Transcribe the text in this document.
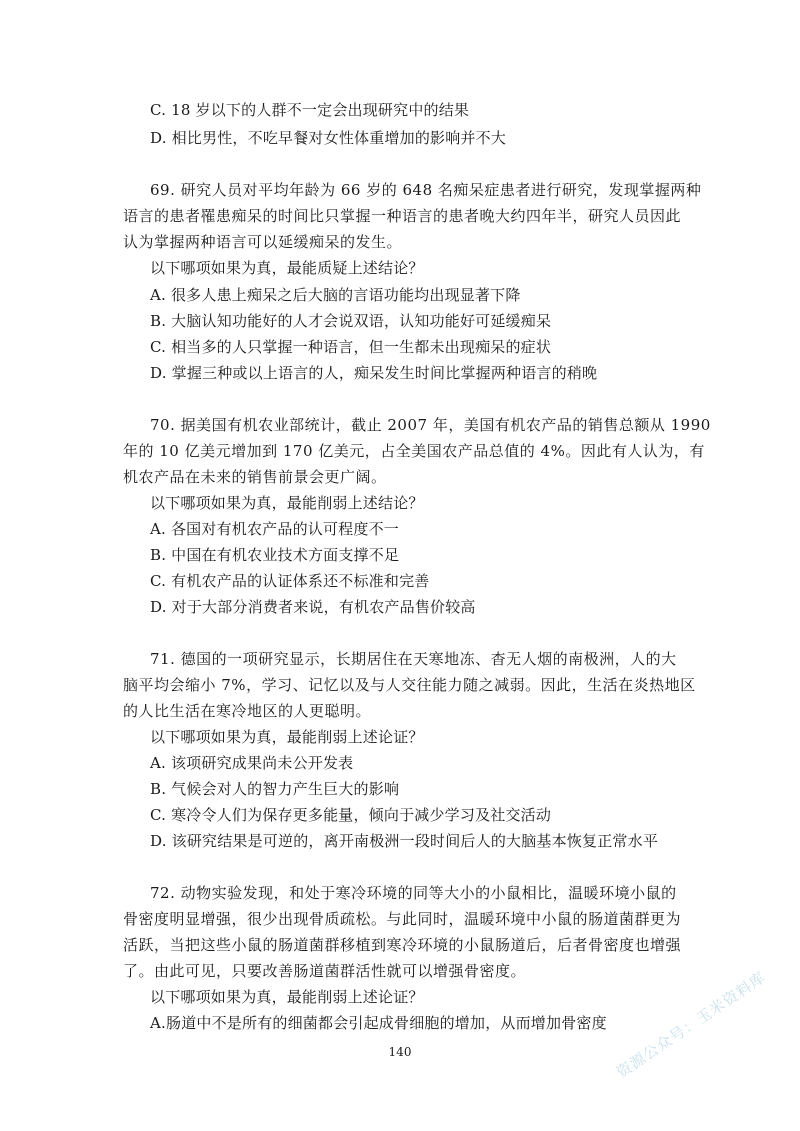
C. 18 岁以下的人群不一定会出现研究中的结果
D. 相比男性，不吃早餐对女性体重增加的影响并不大
69. 研究人员对平均年龄为 66 岁的 648 名痴呆症患者进行研究，发现掌握两种
语言的患者罹患痴呆的时间比只掌握一种语言的患者晚大约四年半，研究人员因此
认为掌握两种语言可以延缓痴呆的发生。
以下哪项如果为真，最能质疑上述结论？
A. 很多人患上痴呆之后大脑的言语功能均出现显著下降
B. 大脑认知功能好的人才会说双语，认知功能好可延缓痴呆
C. 相当多的人只掌握一种语言，但一生都未出现痴呆的症状
D. 掌握三种或以上语言的人，痴呆发生时间比掌握两种语言的稍晚
70. 据美国有机农业部统计，截止 2007 年，美国有机农产品的销售总额从 1990
年的 10 亿美元增加到 170 亿美元，占全美国农产品总值的 4%。因此有人认为，有
机农产品在未来的销售前景会更广阔。
以下哪项如果为真，最能削弱上述结论？
A. 各国对有机农产品的认可程度不一
B. 中国在有机农业技术方面支撑不足
C. 有机农产品的认证体系还不标准和完善
D. 对于大部分消费者来说，有机农产品售价较高
71. 德国的一项研究显示，长期居住在天寒地冻、杳无人烟的南极洲，人的大
脑平均会缩小 7%，学习、记忆以及与人交往能力随之减弱。因此，生活在炎热地区
的人比生活在寒冷地区的人更聪明。
以下哪项如果为真，最能削弱上述论证？
A. 该项研究成果尚未公开发表
B. 气候会对人的智力产生巨大的影响
C. 寒冷令人们为保存更多能量，倾向于减少学习及社交活动
D. 该研究结果是可逆的，离开南极洲一段时间后人的大脑基本恢复正常水平
72. 动物实验发现，和处于寒冷环境的同等大小的小鼠相比，温暖环境小鼠的
骨密度明显增强，很少出现骨质疏松。与此同时，温暖环境中小鼠的肠道菌群更为
活跃，当把这些小鼠的肠道菌群移植到寒冷环境的小鼠肠道后，后者骨密度也增强
了。由此可见，只要改善肠道菌群活性就可以增强骨密度。
以下哪项如果为真，最能削弱上述论证？
A.肠道中不是所有的细菌都会引起成骨细胞的增加，从而增加骨密度
140	资源公众号：玉米资料库
